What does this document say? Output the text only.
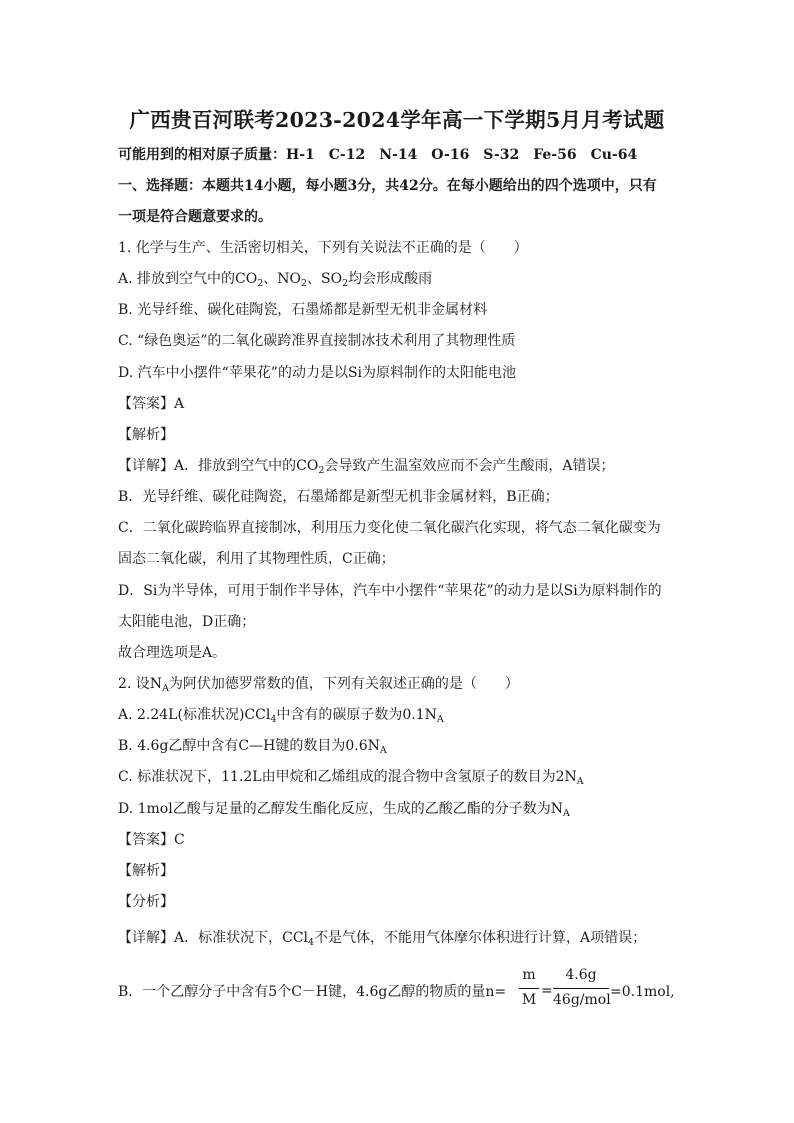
广西贵百河联考2023-2024学年高一下学期5月月考试题
可能用到的相对原子质量：H-1　C-12　N-14　O-16　S-32　Fe-56　Cu-64
一、选择题：本题共14小题，每小题3分，共42分。在每小题给出的四个选项中，只有
一项是符合题意要求的。
1. 化学与生产、生活密切相关，下列有关说法不正确的是（　　）
A. 排放到空气中的$CO_2$、$NO_2$、$SO_2$均会形成酸雨
B. 光导纤维、碳化硅陶瓷，石墨烯都是新型无机非金属材料
C. “绿色奥运”的二氧化碳跨准界直接制冰技术利用了其物理性质
D. 汽车中小摆件“苹果花”的动力是以Si为原料制作的太阳能电池
【答案】A
【解析】
【详解】A．排放到空气中的$CO_2$会导致产生温室效应而不会产生酸雨，A错误；
B．光导纤维、碳化硅陶瓷，石墨烯都是新型无机非金属材料，B正确；
C．二氧化碳跨临界直接制冰，利用压力变化使二氧化碳汽化实现，将气态二氧化碳变为
固态二氧化碳，利用了其物理性质，C正确；
D．Si为半导体，可用于制作半导体，汽车中小摆件“苹果花”的动力是以Si为原料制作的
太阳能电池，D正确；
故合理选项是A。
2. 设$N_A$为阿伏加德罗常数的值，下列有关叙述正确的是（　　）
A. 2.24L(标准状况)CCl$_4$中含有的碳原子数为$0.1N_A$
B. 4.6g乙醇中含有C—H键的数目为$0.6N_A$
C. 标准状况下，11.2L由甲烷和乙烯组成的混合物中含氢原子的数目为$2N_A$
D. 1mol乙酸与足量的乙醇发生酯化反应，生成的乙酸乙酯的分子数为$N_A$
【答案】C
【解析】
【分析】
【详解】A．标准状况下，CCl$_4$不是气体，不能用气体摩尔体积进行计算，A项错误；
B．一个乙醇分子中含有5个C－H键，4.6g乙醇的物质的量n=
m
M
=
4.6g
46g/mol =0.1mol,
